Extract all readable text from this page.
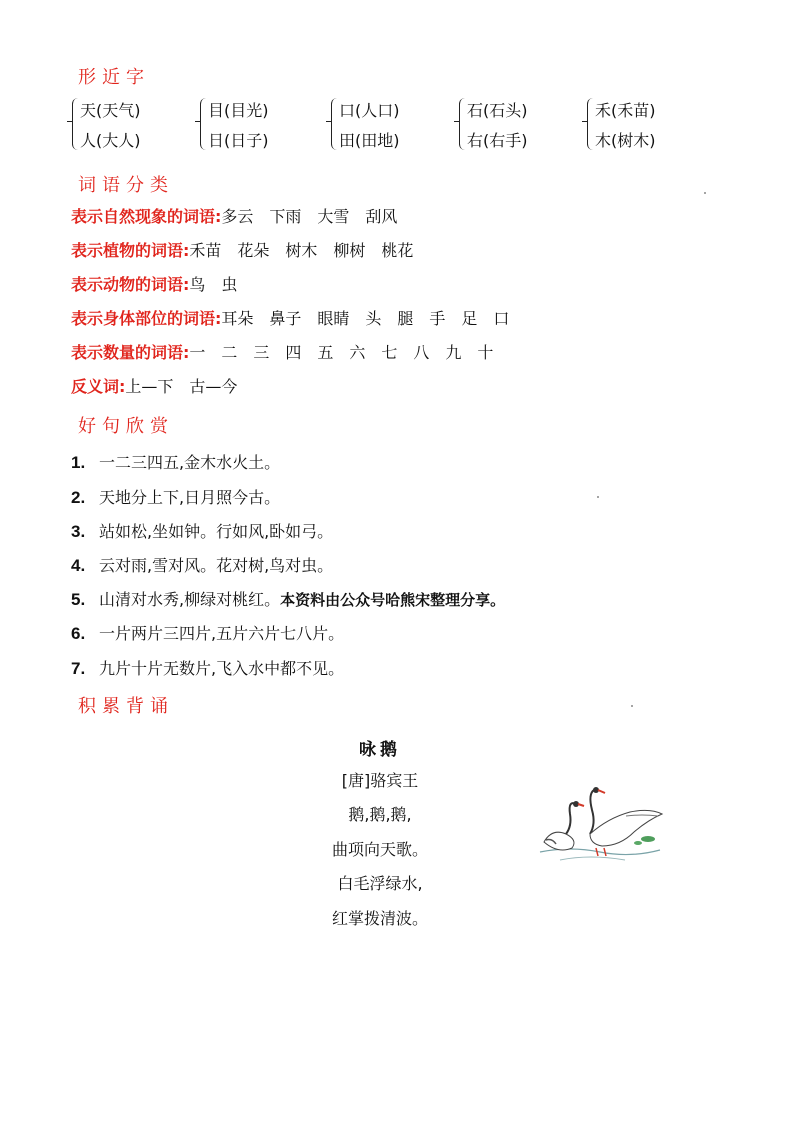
形近字
天(天气)
人(大人)
目(目光)
日(日子)
口(人口)
田(田地)
石(石头)
右(右手)
禾(禾苗)
木(树木)
词语分类
表示自然现象的词语:多云　下雨　大雪　刮风
表示植物的词语:禾苗　花朵　树木　柳树　桃花
表示动物的词语:鸟　虫
表示身体部位的词语:耳朵　鼻子　眼睛　头　腿　手　足　口
表示数量的词语:一　二　三　四　五　六　七　八　九　十
反义词:上—下　古—今
好句欣赏
1. 一二三四五,金木水火土。
2. 天地分上下,日月照今古。
3. 站如松,坐如钟。行如风,卧如弓。
4. 云对雨,雪对风。花对树,鸟对虫。
5. 山清对水秀,柳绿对桃红。本资料由公众号哈熊宋整理分享。
6. 一片两片三四片,五片六片七八片。
7. 九片十片无数片,飞入水中都不见。
积累背诵
咏鹅
[唐]骆宾王
鹅,鹅,鹅,
曲项向天歌。
白毛浮绿水,
红掌拨清波。
